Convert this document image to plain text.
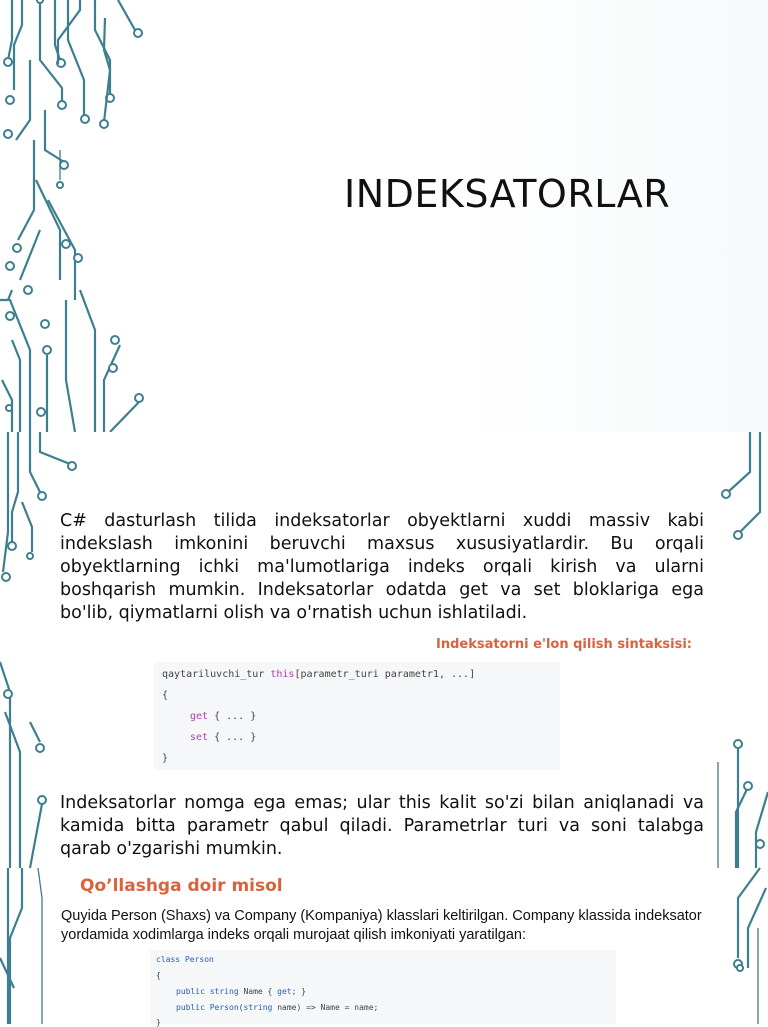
INDEKSATORLAR
C# dasturlash tilida indeksatorlar obyektlarni xuddi massiv kabi indekslash imkonini beruvchi maxsus xususiyatlardir. Bu orqali obyektlarning ichki ma'lumotlariga indeks orqali kirish va ularni boshqarish mumkin. Indeksatorlar odatda get va set bloklariga ega bo'lib, qiymatlarni olish va o'rnatish uchun ishlatiladi.
Indeksatorni e'lon qilish sintaksisi:
qaytariluvchi_tur this[parametr_turi parametr1, ...]
{
get { ... }
set { ... }
}
Indeksatorlar nomga ega emas; ular this kalit so'zi bilan aniqlanadi va kamida bitta parametr qabul qiladi. Parametrlar turi va soni talabga qarab o'zgarishi mumkin.
Qo’llashga doir misol
Quyida Person (Shaxs) va Company (Kompaniya) klasslari keltirilgan. Company klassida indeksator yordamida xodimlarga indeks orqali murojaat qilish imkoniyati yaratilgan:
class Person
{
public string Name { get; }
public Person(string name) => Name = name;
}
